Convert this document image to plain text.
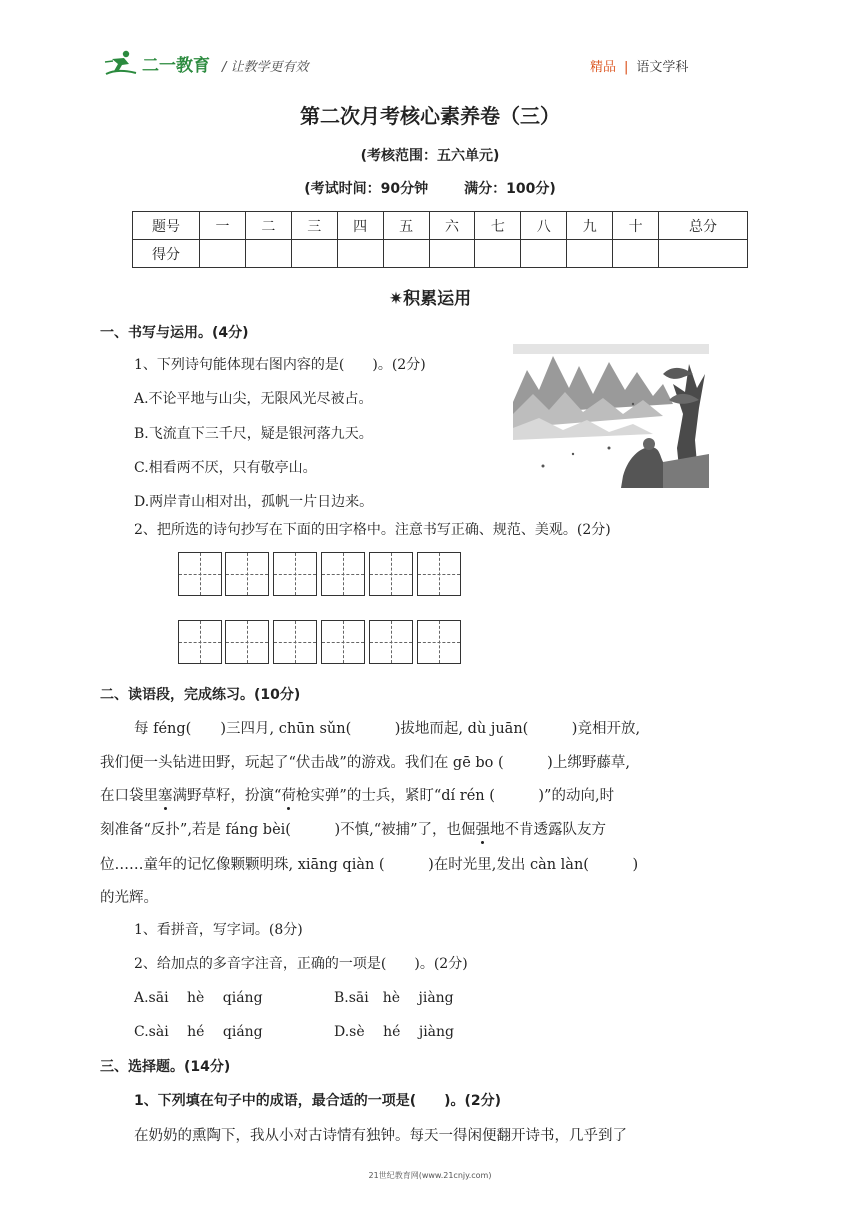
二一教育 / 让教学更有效	精品 | 语文学科
第二次月考核心素养卷（三）
(考核范围：五六单元)
(考试时间：90分钟	满分：100分)
题号	一	二	三	四	五	六	七	八	九	十	总分
得分											
✷积累运用
一、书写与运用。(4分)
1、下列诗句能体现右图内容的是(　　)。(2分)
A.不论平地与山尖，无限风光尽被占。
B.飞流直下三千尺，疑是银河落九天。
C.相看两不厌，只有敬亭山。
D.两岸青山相对出，孤帆一片日边来。
2、把所选的诗句抄写在下面的田字格中。注意书写正确、规范、美观。(2分)
二、读语段，完成练习。(10分)
每 féng(　　)三四月, chūn sǔn(　　　)拔地而起, dù juān(　　　)竞相开放,
我们便一头钻进田野，玩起了“伏击战”的游戏。我们在 gē bo (　　　)上绑野藤草,
在口袋里塞满野草籽，扮演“荷枪实弹”的士兵，紧盯“dí rén (　　　)”的动向,时
刻准备“反扑”,若是 fáng bèi(　　　)不慎,“被捕”了，也倔强地不肯透露队友方
位……童年的记忆像颗颗明珠, xiāng qiàn (　　　)在时光里,发出 càn làn(　　　)
的光辉。
1、看拼音，写字词。(8分)
2、给加点的多音字注音，正确的一项是(　　)。(2分)
A.sāi　 hè　 qiáng	B.sāi　hè　 jiàng
C.sài　 hé　 qiáng	D.sè　 hé　 jiàng
三、选择题。(14分)
1、下列填在句子中的成语，最合适的一项是(　　)。(2分)
在奶奶的熏陶下，我从小对古诗情有独钟。每天一得闲便翻开诗书，几乎到了
21世纪教育网(www.21cnjy.com)
